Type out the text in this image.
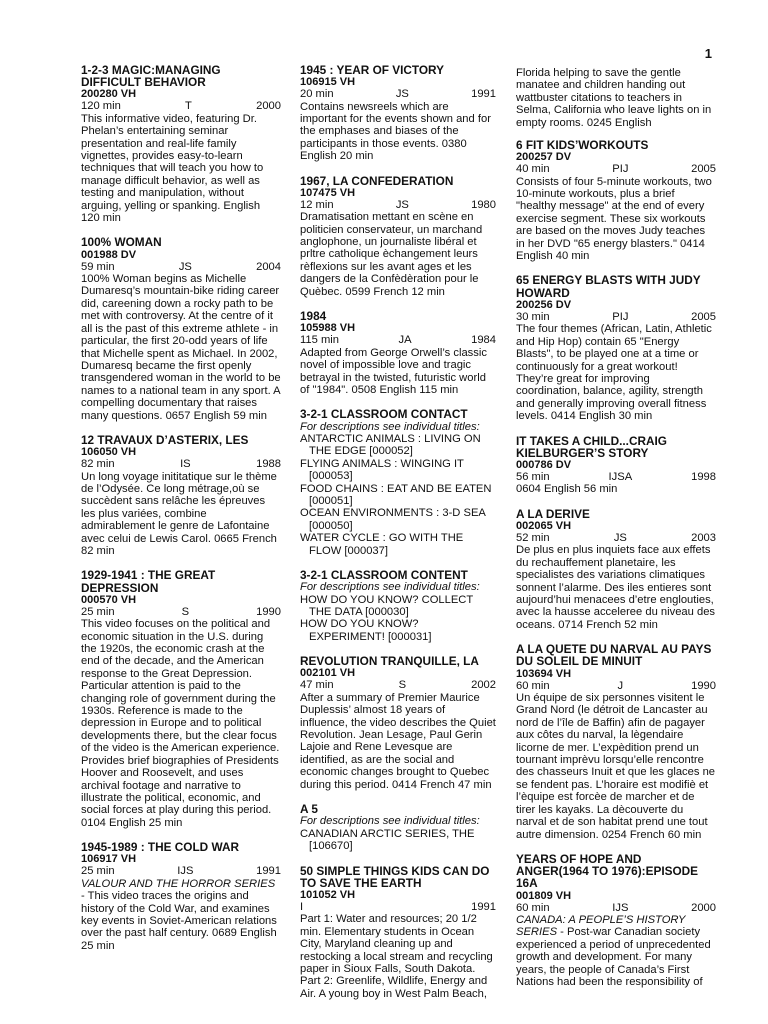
1
1-2-3 MAGIC:MANAGING DIFFICULT BEHAVIOR
200280 VH
120 min	T	2000

This informative video, featuring Dr. Phelan’s entertaining seminar presentation and real-life family vignettes, provides easy-to-learn techniques that will teach you how to manage difficult behavior, as well as testing and manipulation, without arguing, yelling or spanking. English 120 min

100% WOMAN
001988 DV
59 min	JS	2004

100% Woman begins as Michelle Dumaresq’s mountain-bike riding career did, careening down a rocky path to be met with controversy. At the centre of it all is the past of this extreme athlete - in particular, the first 20-odd years of life that Michelle spent as Michael. In 2002, Dumaresq became the first openly transgendered woman in the world to be names to a national team in any sport. A compelling documentary that raises many questions. 0657 English 59 min

12 TRAVAUX D’ASTERIX, LES
106050 VH
82 min	IS	1988

Un long voyage inititatique sur le thème de l’Odysée. Ce long métrage,où se succèdent sans relâche les épreuves les plus variées, combine admirablement le genre de Lafontaine avec celui de Lewis Carol. 0665 French 82 min

1929-1941 : THE GREAT DEPRESSION
000570 VH
25 min	S	1990

This video focuses on the political and economic situation in the U.S. during the 1920s, the economic crash at the end of the decade, and the American response to the Great Depression. Particular attention is paid to the changing role of government during the 1930s. Reference is made to the depression in Europe and to political developments there, but the clear focus of the video is the American experience. Provides brief biographies of Presidents Hoover and Roosevelt, and uses archival footage and narrative to illustrate the political, economic, and social forces at play during this period. 0104 English 25 min

1945-1989 : THE COLD WAR
106917 VH
25 min	IJS	1991

VALOUR AND THE HORROR SERIES - This video traces the origins and history of the Cold War, and examines key events in Soviet-American relations over the past half century. 0689 English 25 min

1945 : YEAR OF VICTORY
106915 VH
20 min	JS	1991

Contains newsreels which are important for the events shown and for the emphases and biases of the participants in those events. 0380 English 20 min

1967, LA CONFEDERATION
107475 VH
12 min	JS	1980

Dramatisation mettant en scène en politicien conservateur, un marchand anglophone, un journaliste libéral et prltre catholique èchangement leurs rèflexions sur les avant ages et les dangers de la Confèdèration pour le Quèbec. 0599 French 12 min

1984
105988 VH
115 min	JA	1984

Adapted from George Orwell’s classic novel of impossible love and tragic betrayal in the twisted, futuristic world of "1984". 0508 English 115 min

3-2-1 CLASSROOM CONTACT
For descriptions see individual titles:
ANTARCTIC ANIMALS : LIVING ON THE EDGE [000052]
FLYING ANIMALS : WINGING IT [000053]
FOOD CHAINS : EAT AND BE EATEN [000051]
OCEAN ENVIRONMENTS : 3-D SEA [000050]
WATER CYCLE : GO WITH THE FLOW [000037]
3-2-1 CLASSROOM CONTENT
For descriptions see individual titles:
HOW DO YOU KNOW? COLLECT THE DATA [000030]
HOW DO YOU KNOW? EXPERIMENT! [000031]
REVOLUTION TRANQUILLE, LA
002101 VH
47 min	S	2002

After a summary of Premier Maurice Duplessis’ almost 18 years of influence, the video describes the Quiet Revolution. Jean Lesage, Paul Gerin Lajoie and Rene Levesque are identified, as are the social and economic changes brought to Quebec during this period. 0414 French 47 min

A 5
For descriptions see individual titles:
CANADIAN ARCTIC SERIES, THE [106670]
50 SIMPLE THINGS KIDS CAN DO TO SAVE THE EARTH
101052 VH
I	1991

Part 1: Water and resources; 20 1/2 min. Elementary students in Ocean City, Maryland cleaning up and restocking a local stream and recycling paper in Sioux Falls, South Dakota. Part 2: Greenlife, Wildlife, Energy and Air. A young boy in West Palm Beach,

Florida helping to save the gentle manatee and children handing out wattbuster citations to teachers in Selma, California who leave lights on in empty rooms. 0245 English

6 FIT KIDS’WORKOUTS
200257 DV
40 min	PIJ	2005

Consists of four 5-minute workouts, two 10-minute workouts, plus a brief "healthy message" at the end of every exercise segment. These six workouts are based on the moves Judy teaches in her DVD "65 energy blasters." 0414 English 40 min

65 ENERGY BLASTS WITH JUDY HOWARD
200256 DV
30 min	PIJ	2005

The four themes (African, Latin, Athletic and Hip Hop) contain 65 "Energy Blasts", to be played one at a time or continuously for a great workout! They’re great for improving coordination, balance, agility, strength and generally improving overall fitness levels. 0414 English 30 min

IT TAKES A CHILD...CRAIG KIELBURGER’S STORY
000786 DV
56 min	IJSA	1998

0604 English 56 min

A LA DERIVE
002065 VH
52 min	JS	2003

De plus en plus inquiets face aux effets du rechauffement planetaire, les specialistes des variations climatiques sonnent l’alarme. Des iles entieres sont aujourd’hui menacees d’etre englouties, avec la hausse acceleree du niveau des oceans. 0714 French 52 min

A LA QUETE DU NARVAL AU PAYS DU SOLEIL DE MINUIT
103694 VH
60 min	J	1990

Un équipe de six personnes visitent le Grand Nord (le détroit de Lancaster au nord de l’île de Baffin) afin de pagayer aux côtes du narval, la lègendaire licorne de mer. L’expèdition prend un tournant imprèvu lorsqu’elle rencontre des chasseurs Inuit et que les glaces ne se fendent pas. L’horaire est modifiè et l’èquipe est forcèe de marcher et de tirer les kayaks. La dècouverte du narval et de son habitat prend une tout autre dimension. 0254 French 60 min

YEARS OF HOPE AND ANGER(1964 TO 1976):EPISODE 16A
001809 VH
60 min	IJS	2000

CANADA: A PEOPLE’S HISTORY SERIES - Post-war Canadian society experienced a period of unprecedented growth and development. For many years, the people of Canada’s First Nations had been the responsibility of
